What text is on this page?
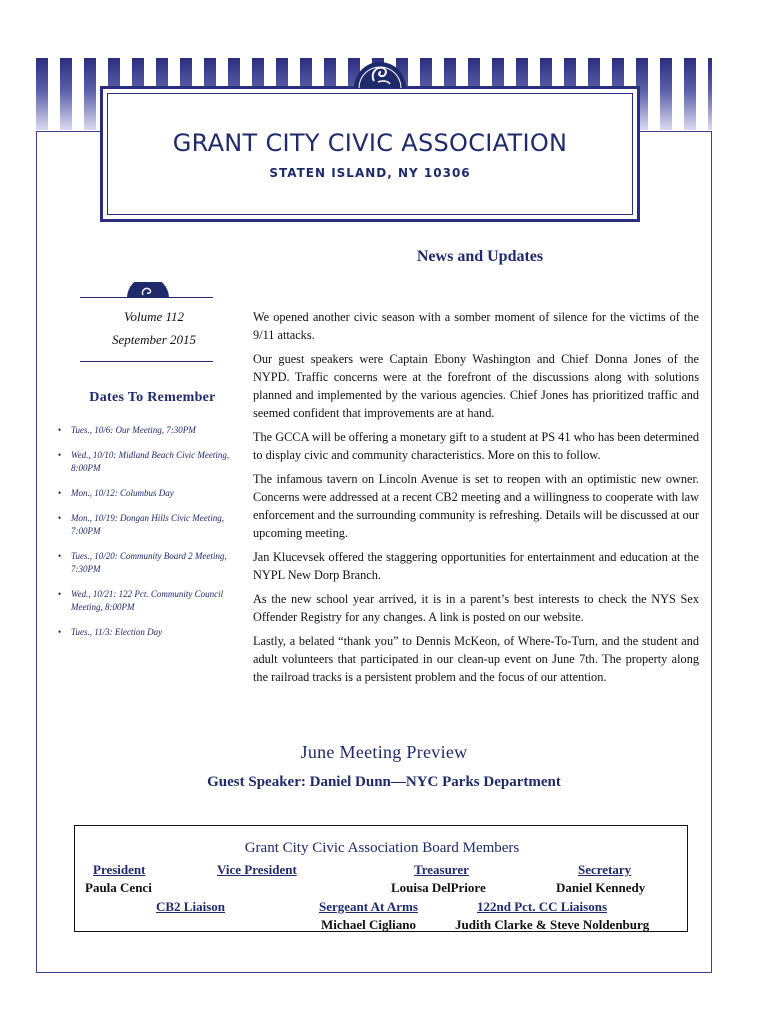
GRANT CITY CIVIC ASSOCIATION
STATEN ISLAND, NY 10306
News and Updates
Volume 112
September 2015
Dates To Remember
• Tues., 10/6: Our Meeting, 7:30PM
• Wed., 10/10: Midland Beach Civic Meeting, 8:00PM
• Mon., 10/12: Columbus Day
• Mon., 10/19: Dongan Hills Civic Meeting, 7:00PM
• Tues., 10/20: Community Board 2 Meeting, 7:30PM
• Wed., 10/21: 122 Pct. Community Council Meeting, 8:00PM
• Tues., 11/3: Election Day

We opened another civic season with a somber moment of silence for the victims of the 9/11 attacks.

Our guest speakers were Captain Ebony Washington and Chief Donna Jones of the NYPD. Traffic concerns were at the forefront of the discussions along with solutions planned and implemented by the various agencies. Chief Jones has prioritized traffic and seemed confident that improvements are at hand.

The GCCA will be offering a monetary gift to a student at PS 41 who has been determined to display civic and community characteristics. More on this to follow.

The infamous tavern on Lincoln Avenue is set to reopen with an optimistic new owner. Concerns were addressed at a recent CB2 meeting and a willingness to cooperate with law enforcement and the surrounding community is refreshing. Details will be discussed at our upcoming meeting.

Jan Klucevsek offered the staggering opportunities for entertainment and education at the NYPL New Dorp Branch.

As the new school year arrived, it is in a parent’s best interests to check the NYS Sex Offender Registry for any changes. A link is posted on our website.

Lastly, a belated “thank you” to Dennis McKeon, of Where-To-Turn, and the student and adult volunteers that participated in our clean-up event on June 7th. The property along the railroad tracks is a persistent problem and the focus of our attention.

June Meeting Preview
Guest Speaker: Daniel Dunn—NYC Parks Department
Grant City Civic Association Board Members
President
Paula Cenci
Vice President	Treasurer
Louisa DelPriore
Secretary
Daniel Kennedy
CB2 Liaison	Sergeant At Arms
Michael Cigliano
122nd Pct. CC Liaisons
Judith Clarke & Steve Noldenburg
